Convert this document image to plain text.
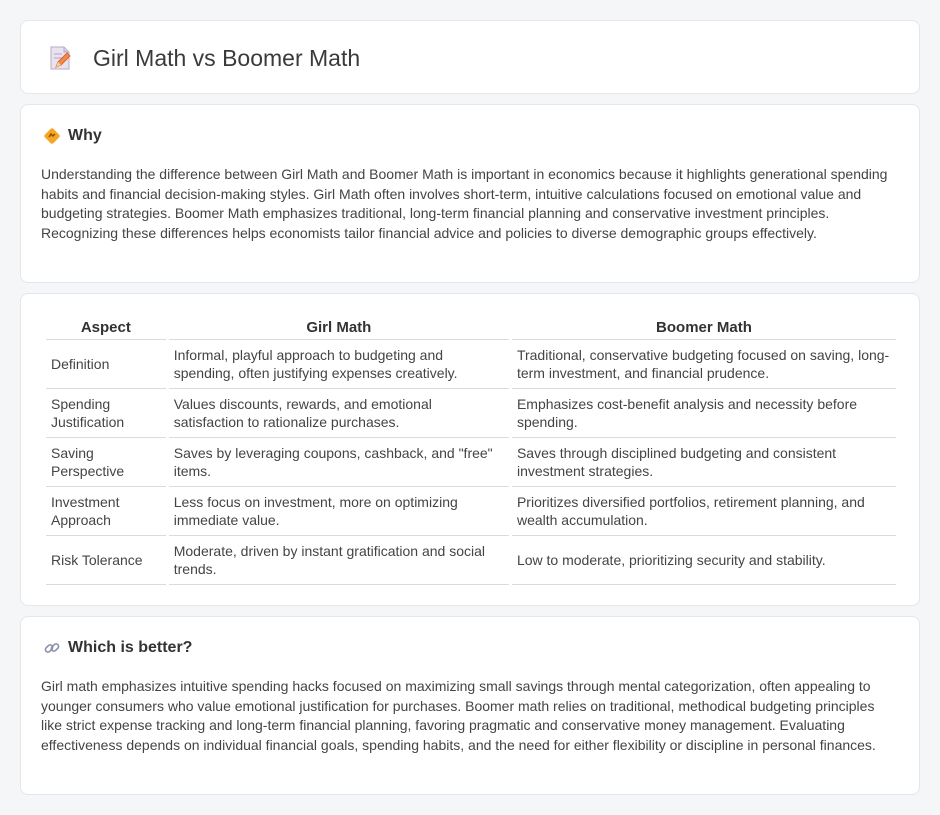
Girl Math vs Boomer Math
Why

Understanding the difference between Girl Math and Boomer Math is important in economics because it highlights generational spending habits and financial decision-making styles. Girl Math often involves short-term, intuitive calculations focused on emotional value and budgeting strategies. Boomer Math emphasizes traditional, long-term financial planning and conservative investment principles. Recognizing these differences helps economists tailor financial advice and policies to diverse demographic groups effectively.

Aspect	Girl Math	Boomer Math
Definition	Informal, playful approach to budgeting and spending, often justifying expenses creatively.	Traditional, conservative budgeting focused on saving, long-term investment, and financial prudence.
Spending Justification	Values discounts, rewards, and emotional satisfaction to rationalize purchases.	Emphasizes cost-benefit analysis and necessity before spending.
Saving Perspective	Saves by leveraging coupons, cashback, and "free" items.	Saves through disciplined budgeting and consistent investment strategies.
Investment Approach	Less focus on investment, more on optimizing immediate value.	Prioritizes diversified portfolios, retirement planning, and wealth accumulation.
Risk Tolerance	Moderate, driven by instant gratification and social trends.	Low to moderate, prioritizing security and stability.
Which is better?

Girl math emphasizes intuitive spending hacks focused on maximizing small savings through mental categorization, often appealing to younger consumers who value emotional justification for purchases. Boomer math relies on traditional, methodical budgeting principles like strict expense tracking and long-term financial planning, favoring pragmatic and conservative money management. Evaluating effectiveness depends on individual financial goals, spending habits, and the need for either flexibility or discipline in personal finances.
